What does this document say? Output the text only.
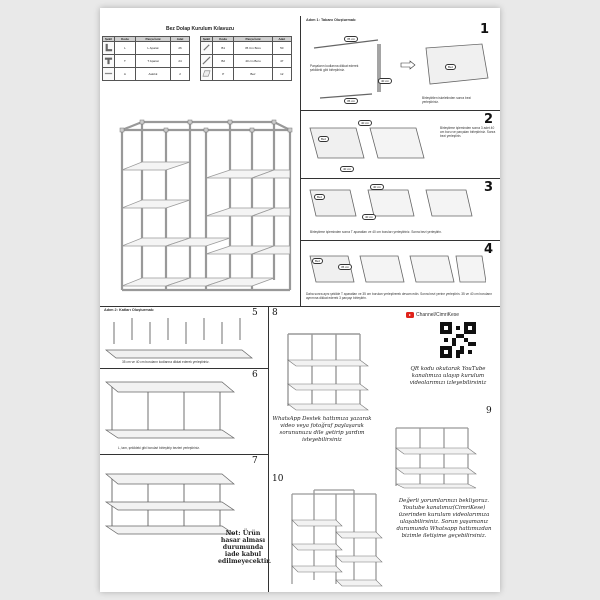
Bez Dolap Kurulum Kılavuzu
Şekil	Kodu	Parça İsmi	Adet
	L	L Aparat	26
	T	T Aparat	24
	A	Askılık	2
Şekil	Kodu	Parça İsmi	Adet
	B1	35 Cm Boru	50
	B2	40 cm Boru	47
	P	Bez	12
Adım 1: Tabanı Oluşturmak:
1
35 cm
35 cm
40 cm
Parçaların kodlarına dikkat ederek şekildeki gibi birleştiriniz.
Bez
Birleştirilen iskeletinden sonra bezi yerleştiriniz.
2
Bez
40 cm
40 cm
Birleştirme işleminden sonra 3 adet 40 cm boru ve parçaları birleştiriniz. Sonra bezi yerleştirin.
3
Bez
40 cm
40 cm
Birleştirme işleminden sonra T aparatları ve 40 cm boruları yerleştiriniz. Sonra bezi yerleştirin.
4
Bez
35 cm
Daha sonra aynı şekilde T aparatları ve 35 cm boruları yerleştirerek devam edin. Sonra bezi yerine yerleştirin. 35 ve 40 cm boruların ayrımına dikkat ederek 3 parçayı birleştirin.
Adım 2: Katları Oluşturmak:	5
35 cm ve 40 cm boruların kodlarına dikkat ederek yerleştiriniz.
6
L, tam, şekildeki gibi borulari birleştirip bezleri yerleştiriniz.
7
Not: Ürün hasar alması durumunda iade kabul edilmeyecektir.
8	Channel/CimriKese
QR kodu okutarak YouTube kanalımıza ulaşıp kurulum videolarımızı izleyebilirsiniz
WhatsApp Destek hattımıza yazarak video veya fotoğraf paylaşarak sorununuzu dile getirip yardım isteyebilirsiniz
9
10
Değerli yorumlarınızı bekliyoruz. Youtube kanalımız(CimriKese) üzerinden kurulum videolarımıza ulaşabilirsiniz. Sorun yaşamanız durumunda Whatsapp hattımızdan bizimle iletişime geçebilirsiniz.
